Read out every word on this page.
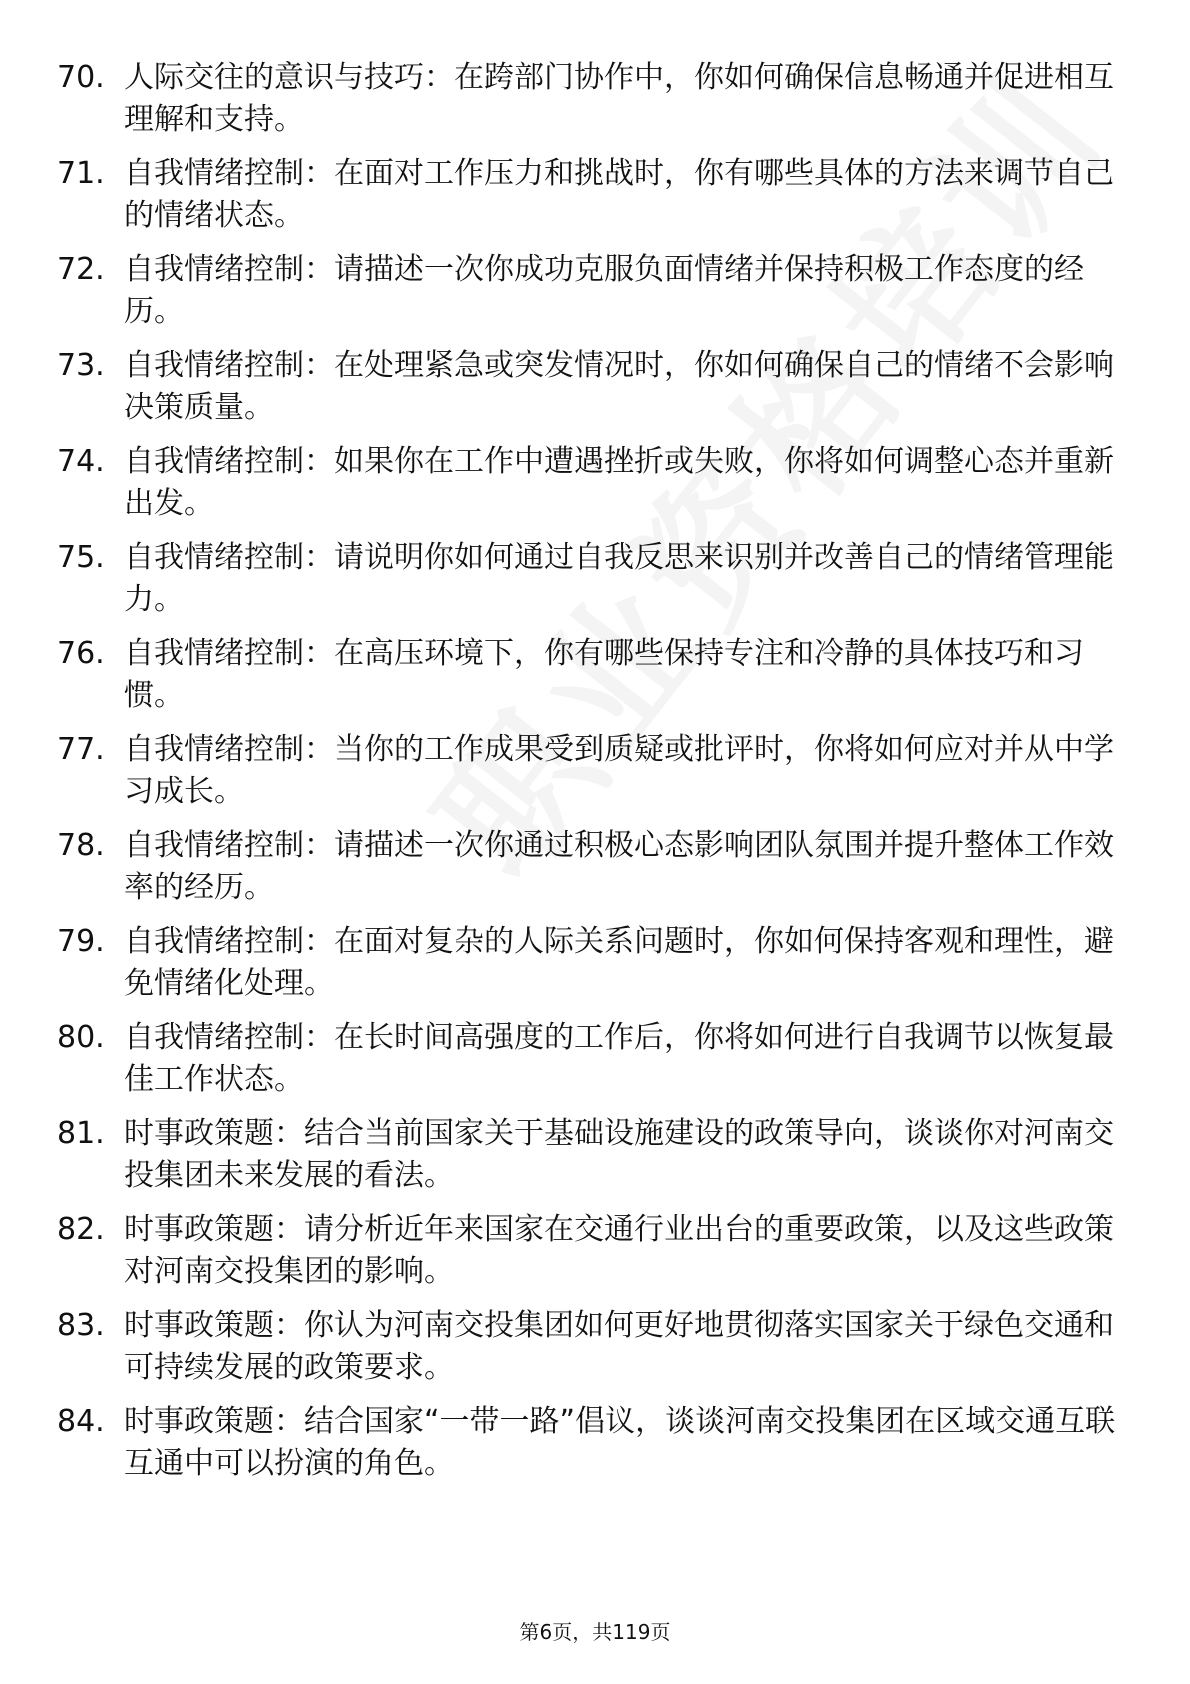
70. 人际交往的意识与技巧：在跨部门协作中，你如何确保信息畅通并促进相互理解和支持。
71. 自我情绪控制：在面对工作压力和挑战时，你有哪些具体的方法来调节自己的情绪状态。
72. 自我情绪控制：请描述一次你成功克服负面情绪并保持积极工作态度的经历。
73. 自我情绪控制：在处理紧急或突发情况时，你如何确保自己的情绪不会影响决策质量。
74. 自我情绪控制：如果你在工作中遭遇挫折或失败，你将如何调整心态并重新出发。
75. 自我情绪控制：请说明你如何通过自我反思来识别并改善自己的情绪管理能力。
76. 自我情绪控制：在高压环境下，你有哪些保持专注和冷静的具体技巧和习惯。
77. 自我情绪控制：当你的工作成果受到质疑或批评时，你将如何应对并从中学习成长。
78. 自我情绪控制：请描述一次你通过积极心态影响团队氛围并提升整体工作效率的经历。
79. 自我情绪控制：在面对复杂的人际关系问题时，你如何保持客观和理性，避免情绪化处理。
80. 自我情绪控制：在长时间高强度的工作后，你将如何进行自我调节以恢复最佳工作状态。
81. 时事政策题：结合当前国家关于基础设施建设的政策导向，谈谈你对河南交投集团未来发展的看法。
82. 时事政策题：请分析近年来国家在交通行业出台的重要政策，以及这些政策对河南交投集团的影响。
83. 时事政策题：你认为河南交投集团如何更好地贯彻落实国家关于绿色交通和可持续发展的政策要求。
84. 时事政策题：结合国家“一带一路”倡议，谈谈河南交投集团在区域交通互联互通中可以扮演的角色。
第6页，共119页
